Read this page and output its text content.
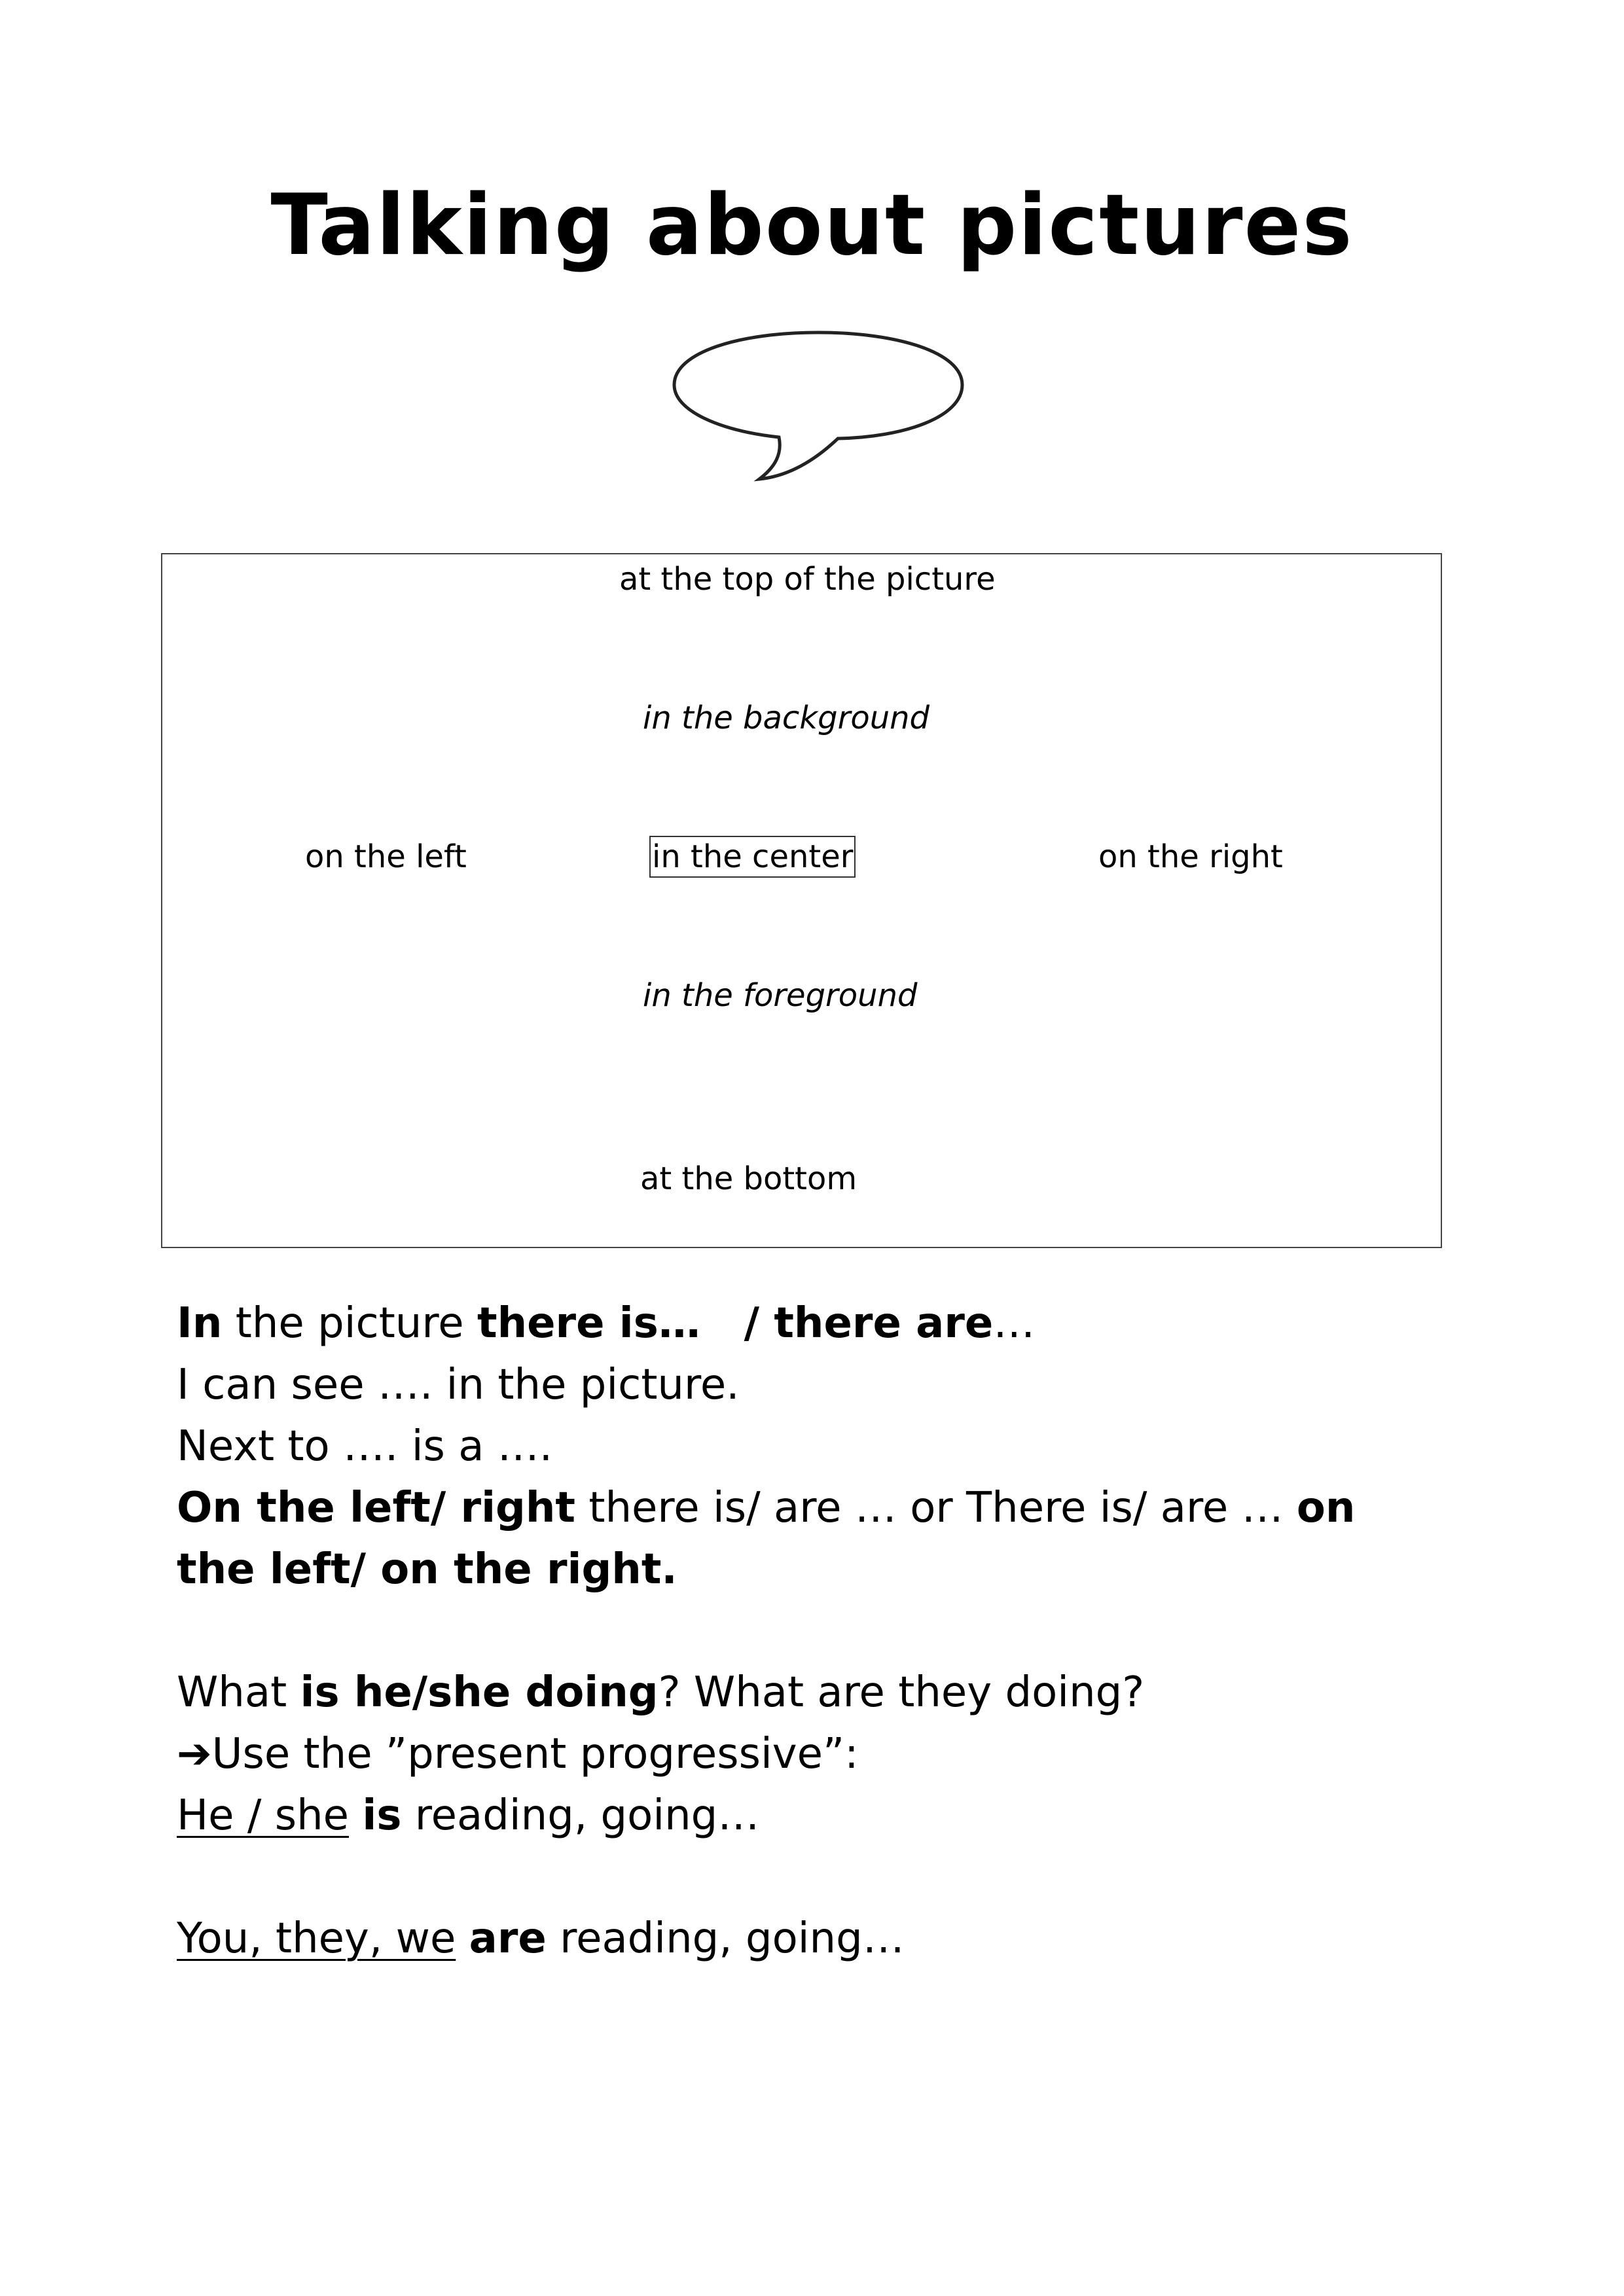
Talking about pictures
at the top of the picture
in the background
on the left	in the center	on the right
in the foreground
at the bottom

In the picture there is…   / there are…

I can see …. in the picture.

Next to …. is a ….

On the left/ right there is/ are … or There is/ are … on the left/ on the right.

What is he/she doing? What are they doing?

➔Use the ”present progressive”:

He / she is reading, going…

You, they, we are reading, going…
